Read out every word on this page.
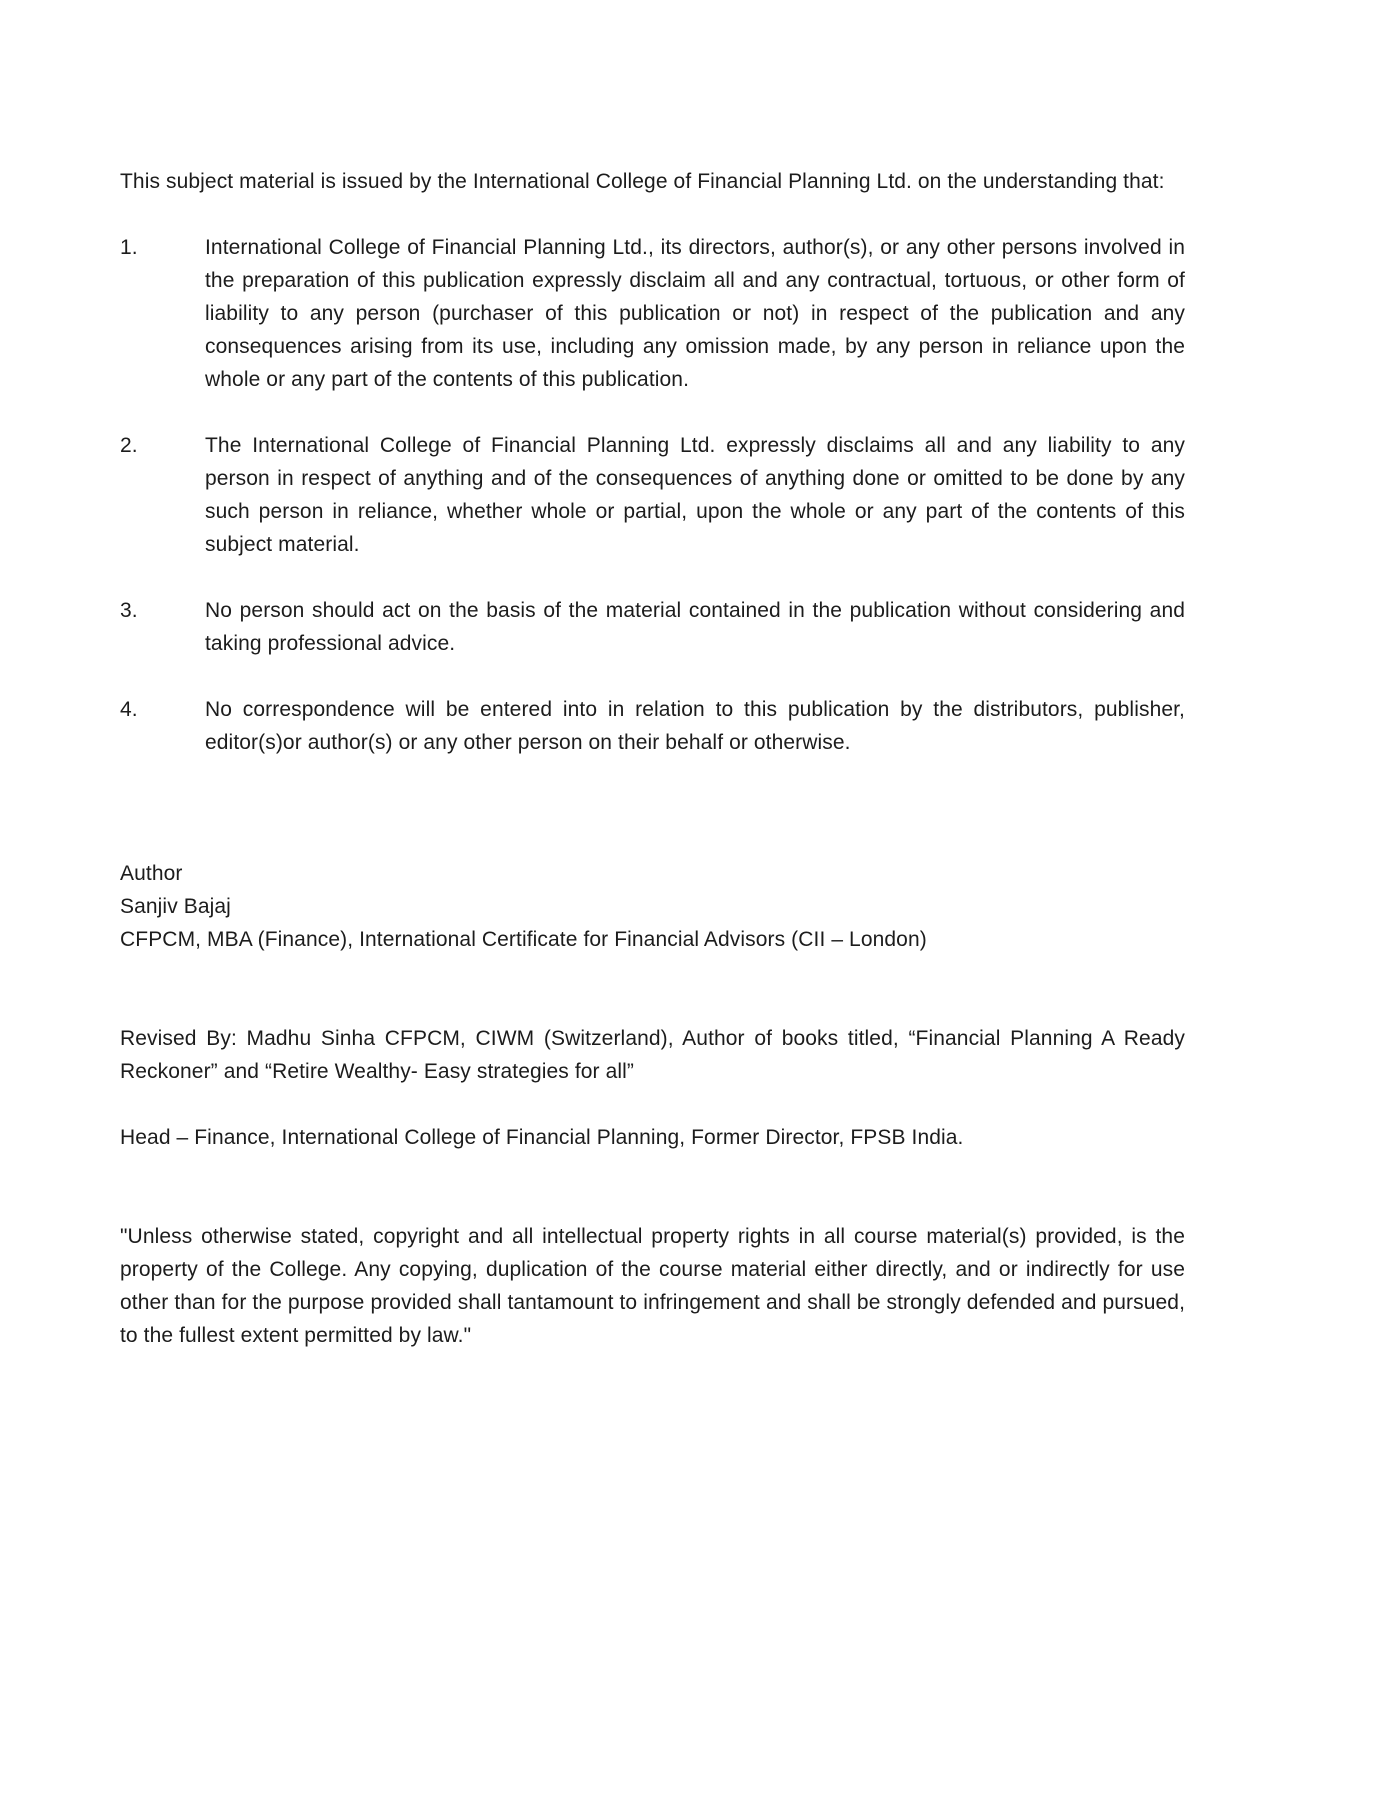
This subject material is issued by the International College of Financial Planning Ltd. on the understanding that:

1.	International College of Financial Planning Ltd., its directors, author(s), or any other persons involved in the preparation of this publication expressly disclaim all and any contractual, tortuous, or other form of liability to any person (purchaser of this publication or not) in respect of the publication and any consequences arising from its use, including any omission made, by any person in reliance upon the whole or any part of the contents of this publication.
2.	The International College of Financial Planning Ltd. expressly disclaims all and any liability to any person in respect of anything and of the consequences of anything done or omitted to be done by any such person in reliance, whether whole or partial, upon the whole or any part of the contents of this subject material.
3.	No person should act on the basis of the material contained in the publication without considering and taking professional advice.
4.	No correspondence will be entered into in relation to this publication by the distributors, publisher, editor(s)or author(s) or any other person on their behalf or otherwise.
Author
Sanjiv Bajaj
CFPCM, MBA (Finance), International Certificate for Financial Advisors (CII – London)

Revised By: Madhu Sinha CFPCM, CIWM (Switzerland), Author of books titled, “Financial Planning A Ready Reckoner” and “Retire Wealthy- Easy strategies for all”

Head – Finance, International College of Financial Planning, Former Director, FPSB India.

"Unless otherwise stated, copyright and all intellectual property rights in all course material(s) provided, is the property of the College. Any copying, duplication of the course material either directly, and or indirectly for use other than for the purpose provided shall tantamount to infringement and shall be strongly defended and pursued, to the fullest extent permitted by law."
